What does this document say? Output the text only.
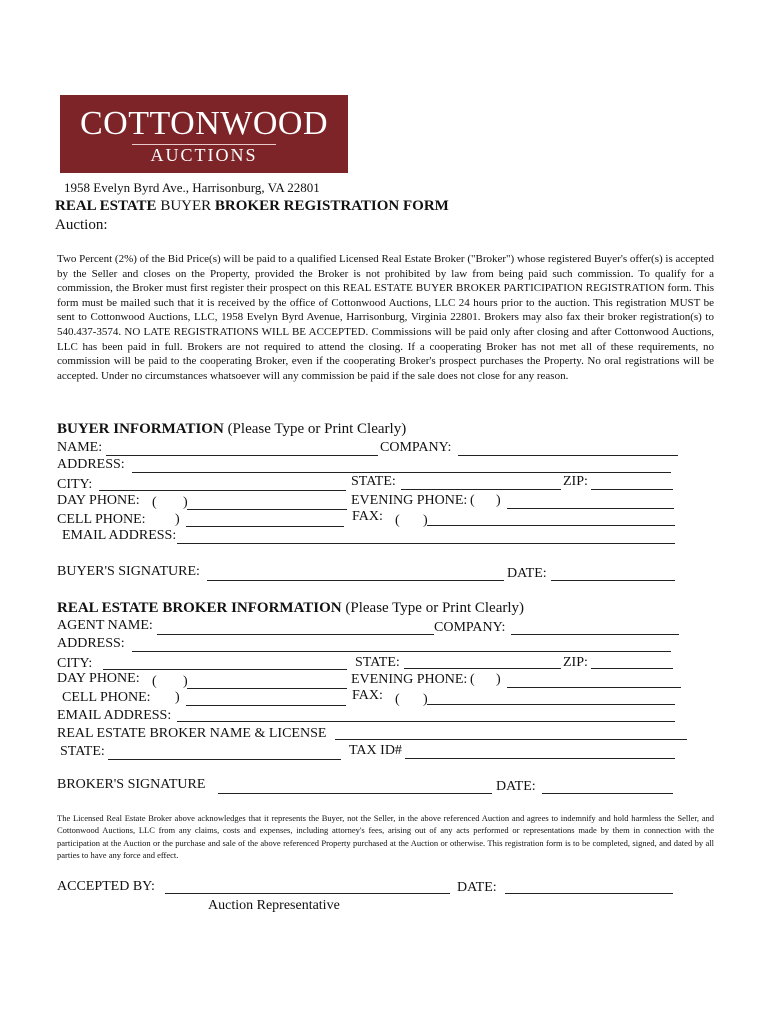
COTTONWOOD
AUCTIONS
1958 Evelyn Byrd Ave., Harrisonburg, VA 22801
REAL ESTATE BUYER BROKER REGISTRATION FORM
Auction:
Two Percent (2%) of the Bid Price(s) will be paid to a qualified Licensed Real Estate Broker ("Broker") whose registered Buyer's offer(s) is accepted by the Seller and closes on the Property, provided the Broker is not prohibited by law from being paid such commission. To qualify for a commission, the Broker must first register their prospect on this REAL ESTATE BUYER BROKER PARTICIPATION REGISTRATION form. This form must be mailed such that it is received by the office of Cottonwood Auctions, LLC 24 hours prior to the auction. This registration MUST be sent to Cottonwood Auctions, LLC, 1958 Evelyn Byrd Avenue, Harrisonburg, Virginia 22801. Brokers may also fax their broker registration(s) to 540.437-3574. NO LATE REGISTRATIONS WILL BE ACCEPTED. Commissions will be paid only after closing and after Cottonwood Auctions, LLC has been paid in full. Brokers are not required to attend the closing. If a cooperating Broker has not met all of these requirements, no commission will be paid to the cooperating Broker, even if the cooperating Broker's prospect purchases the Property. No oral registrations will be accepted. Under no circumstances whatsoever will any commission be paid if the sale does not close for any reason.
BUYER INFORMATION (Please Type or Print Clearly)
NAME:	COMPANY:
ADDRESS:
CITY:	STATE:	ZIP:
DAY PHONE: ( )	EVENING PHONE: ( )
CELL PHONE: )	FAX: ( )
EMAIL ADDRESS:
BUYER'S SIGNATURE:	DATE:
REAL ESTATE BROKER INFORMATION (Please Type or Print Clearly)
AGENT NAME:	COMPANY:
ADDRESS:
CITY:	STATE:	ZIP:
DAY PHONE: ( )	EVENING PHONE: ( )
CELL PHONE: )	FAX: ( )
EMAIL ADDRESS:
REAL ESTATE BROKER NAME & LICENSE
STATE:	TAX ID#
BROKER'S SIGNATURE	DATE:
The Licensed Real Estate Broker above acknowledges that it represents the Buyer, not the Seller, in the above referenced Auction and agrees to indemnify and hold harmless the Seller, and Cottonwood Auctions, LLC from any claims, costs and expenses, including attorney's fees, arising out of any acts performed or representations made by them in connection with the participation at the Auction or the purchase and sale of the above referenced Property purchased at the Auction or otherwise. This registration form is to be completed, signed, and dated by all parties to have any force and effect.
ACCEPTED BY:	DATE:
Auction Representative
